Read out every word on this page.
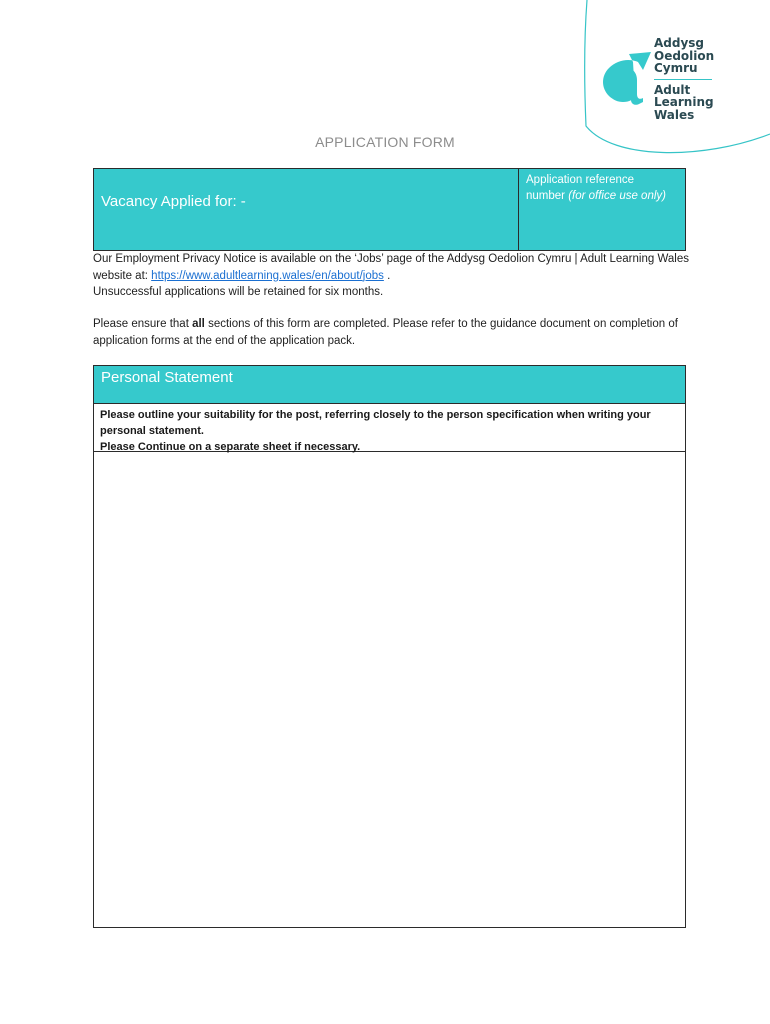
Addysg
Oedolion
Cymru
Adult
Learning
Wales
APPLICATION FORM
Vacancy Applied for: -
Application reference number (for office use only)
Our Employment Privacy Notice is available on the ‘Jobs’ page of the Addysg Oedolion Cymru | Adult Learning Wales website at: https://www.adultlearning.wales/en/about/jobs .
Unsuccessful applications will be retained for six months.
Please ensure that all sections of this form are completed. Please refer to the guidance document on completion of application forms at the end of the application pack.
Personal Statement
Please outline your suitability for the post, referring closely to the person specification when writing your personal statement.
Please Continue on a separate sheet if necessary.
